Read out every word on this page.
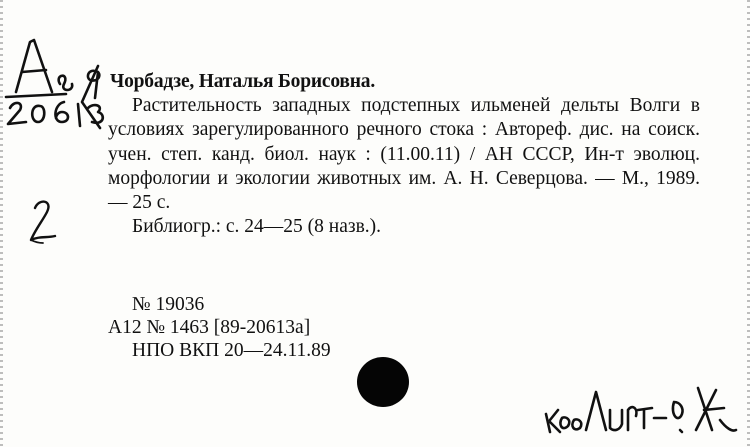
Чорбадзе, Наталья Борисовна.

Растительность западных подстепных ильменей дельты Волги в условиях зарегулированного речного стока : Автореф. дис. на соиск. учен. степ. канд. биол. наук : (11.00.11) / АН СССР, Ин-т эволюц. морфологии и экологии животных им. А. Н. Северцова. — М., 1989. — 25 с.

Библиогр.: с. 24—25 (8 назв.).

№ 19036
А12 № 1463 [89-20613а]
НПО ВКП 20—24.11.89
